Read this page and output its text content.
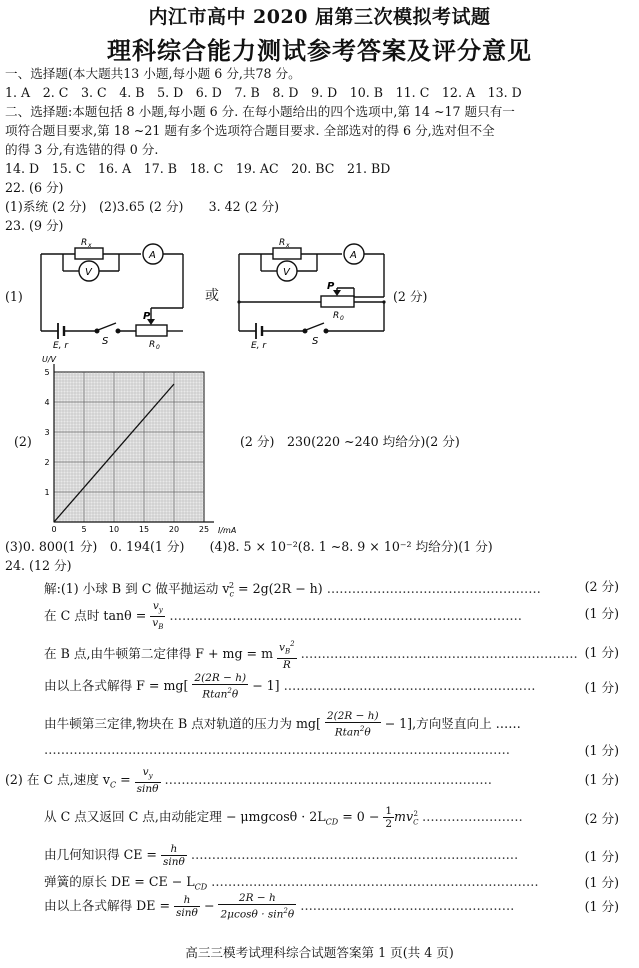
内江市高中 2020 届第三次模拟考试题
理科综合能力测试参考答案及评分意见
一、选择题(本大题共13 小题,每小题 6 分,共78 分。
1. A　2. C　3. C　4. B　5. D　6. D　7. B　8. D　9. D　10. B　11. C　12. A　13. D
二、选择题:本题包括 8 小题,每小题 6 分. 在每小题给出的四个选项中,第 14 ~17 题只有一
项符合题目要求,第 18 ~21 题有多个选项符合题目要求. 全部选对的得 6 分,选对但不全
的得 3 分,有选错的得 0 分.
14. D　15. C　16. A　17. B　18. C　19. AC　20. BC　21. BD
22. (6 分)
(1)系统 (2 分)　(2)3.65 (2 分)　　3. 42 (2 分)
23. (9 分)
(1)
R x
A
V
P
R 0
E, r	S
或
R x
A
V
P
R 0
E, r	S
(2 分)
(2)
0	5	10 15 20 25
1
2
3
4
5
U/V
I/mA
(2 分)　230(220 ~240 均给分)(2 分)
(3)0. 800(1 分)　0. 194(1 分)　　(4)8. 5 × 10⁻²(8. 1 ~8. 9 × 10⁻² 均给分)(1 分)
24. (12 分)
解:(1) 小球 B 到 C 做平抛运动 $v_c^2 = 2g(2R - h)$ ……………………………………………	(2 分)
在 C 点时 $\tan\theta = \frac{v_y}{v_B}$ …………………………………………………………………………	(1 分)
在 B 点,由牛顿第二定律得 F + mg = m $\frac{v_B^2}{R}$ ………………………………………………………… (1 分)
由以上各式解得 $F = mg[ \frac{2(2R - h)}{Rtan^2\theta} - 1]$ ……………………………………………………	(1 分)
由牛顿第三定律,物块在 B 点对轨道的压力为 $mg[ \frac{2(2R - h)}{Rtan^2\theta} - 1]$,方向竖直向上 ……
…………………………………………………………………………………………………	(1 分)
(2) 在 C 点,速度 $v_C = \frac{v_y}{\sin\theta}$ ……………………………………………………………………	(1 分)
从 C 点又返回 C 点,由动能定理 − $\mu mgcos\theta \cdot 2L_{CD} = 0 - \frac{1}{2} mv_C^2$ ……………………	(2 分)
由几何知识得 CE = $\frac{h}{\sin\theta}$ ……………………………………………………………………	(1 分)
弹簧的原长 DE = CE − $L_{CD}$ ……………………………………………………………………	(1 分)
由以上各式解得 DE = $\frac{h}{\sin\theta} - \frac{2R - h}{2\mu\cos\theta \cdot \sin^2\theta}$ ……………………………………………	(1 分)
高三三模考试理科综合试题答案第 1 页(共 4 页)
